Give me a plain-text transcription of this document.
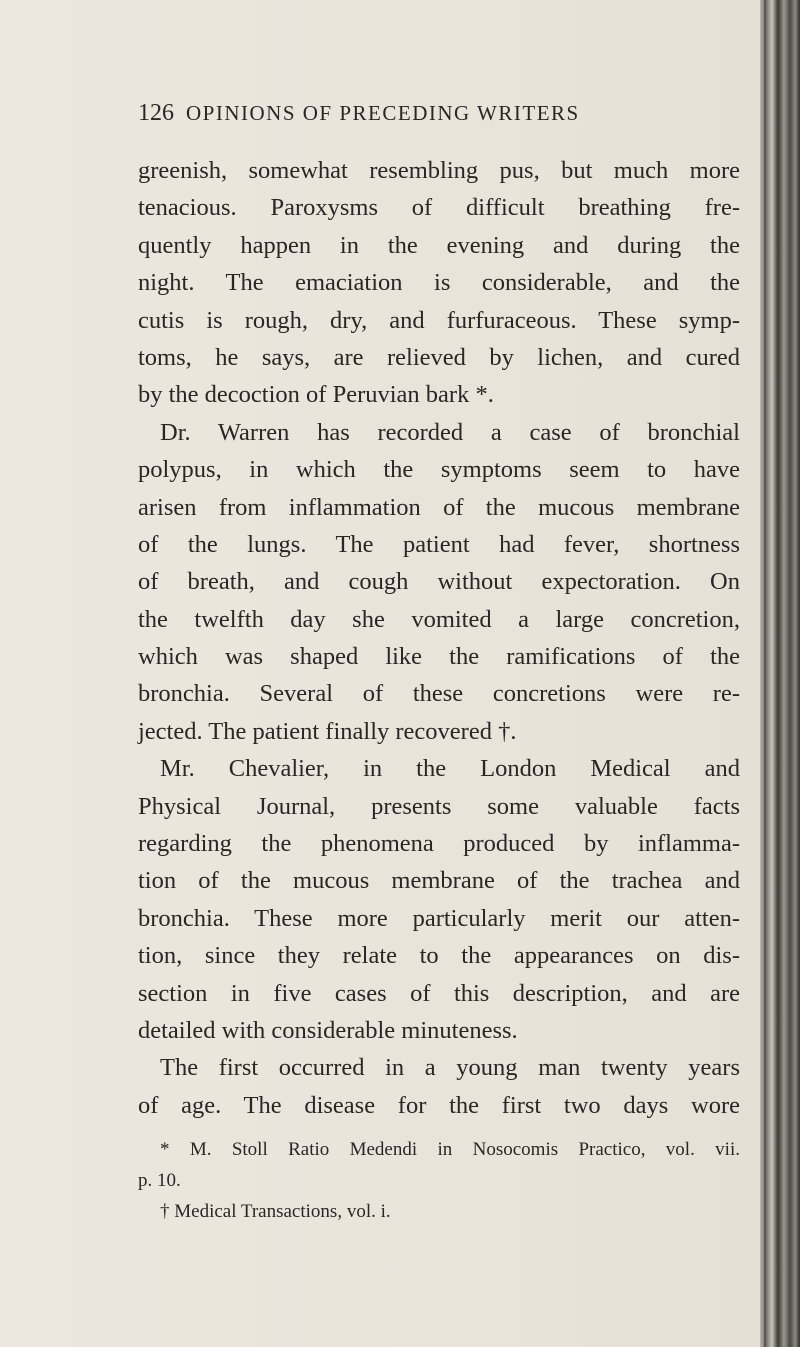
126 OPINIONS OF PRECEDING WRITERS
greenish, somewhat resembling pus, but much more
tenacious. Paroxysms of difficult breathing fre-
quently happen in the evening and during the
night. The emaciation is considerable, and the
cutis is rough, dry, and furfuraceous. These symp-
toms, he says, are relieved by lichen, and cured
by the decoction of Peruvian bark *.
Dr. Warren has recorded a case of bronchial
polypus, in which the symptoms seem to have
arisen from inflammation of the mucous membrane
of the lungs. The patient had fever, shortness
of breath, and cough without expectoration. On
the twelfth day she vomited a large concretion,
which was shaped like the ramifications of the
bronchia. Several of these concretions were re-
jected. The patient finally recovered †.
Mr. Chevalier, in the London Medical and
Physical Journal, presents some valuable facts
regarding the phenomena produced by inflamma-
tion of the mucous membrane of the trachea and
bronchia. These more particularly merit our atten-
tion, since they relate to the appearances on dis-
section in five cases of this description, and are
detailed with considerable minuteness.
The first occurred in a young man twenty years
of age. The disease for the first two days wore
* M. Stoll Ratio Medendi in Nosocomis Practico, vol. vii.
p. 10.
† Medical Transactions, vol. i.
